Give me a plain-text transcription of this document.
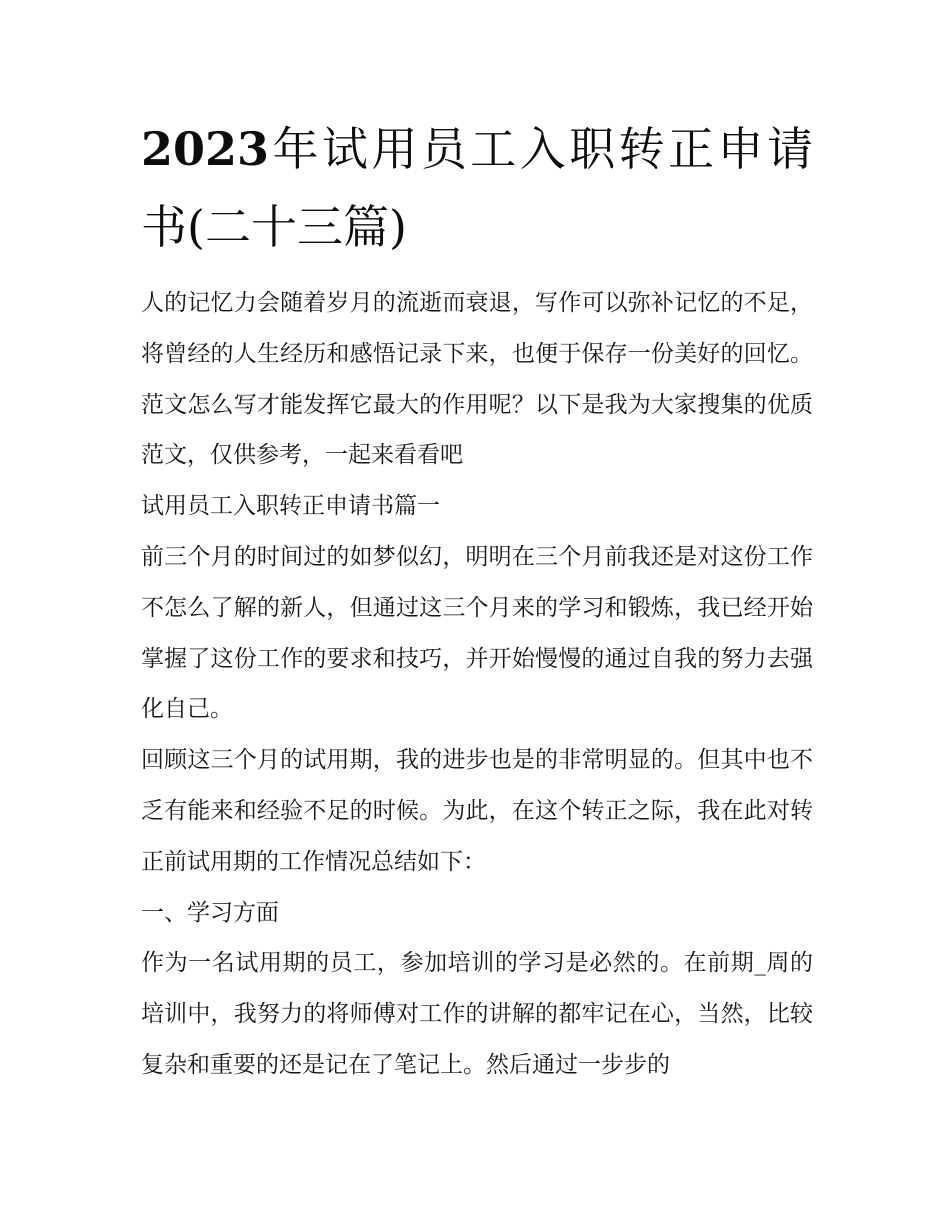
2023年试用员工入职转正申请书(二十三篇)

人的记忆力会随着岁月的流逝而衰退，写作可以弥补记忆的不足，将曾经的人生经历和感悟记录下来，也便于保存一份美好的回忆。范文怎么写才能发挥它最大的作用呢？以下是我为大家搜集的优质范文，仅供参考，一起来看看吧

试用员工入职转正申请书篇一

前三个月的时间过的如梦似幻，明明在三个月前我还是对这份工作不怎么了解的新人，但通过这三个月来的学习和锻炼，我已经开始掌握了这份工作的要求和技巧，并开始慢慢的通过自我的努力去强化自己。

回顾这三个月的试用期，我的进步也是的非常明显的。但其中也不乏有能来和经验不足的时候。为此，在这个转正之际，我在此对转正前试用期的工作情况总结如下：

一、学习方面

作为一名试用期的员工，参加培训的学习是必然的。在前期_周的培训中，我努力的将师傅对工作的讲解的都牢记在心，当然，比较复杂和重要的还是记在了笔记上。然后通过一步步的
